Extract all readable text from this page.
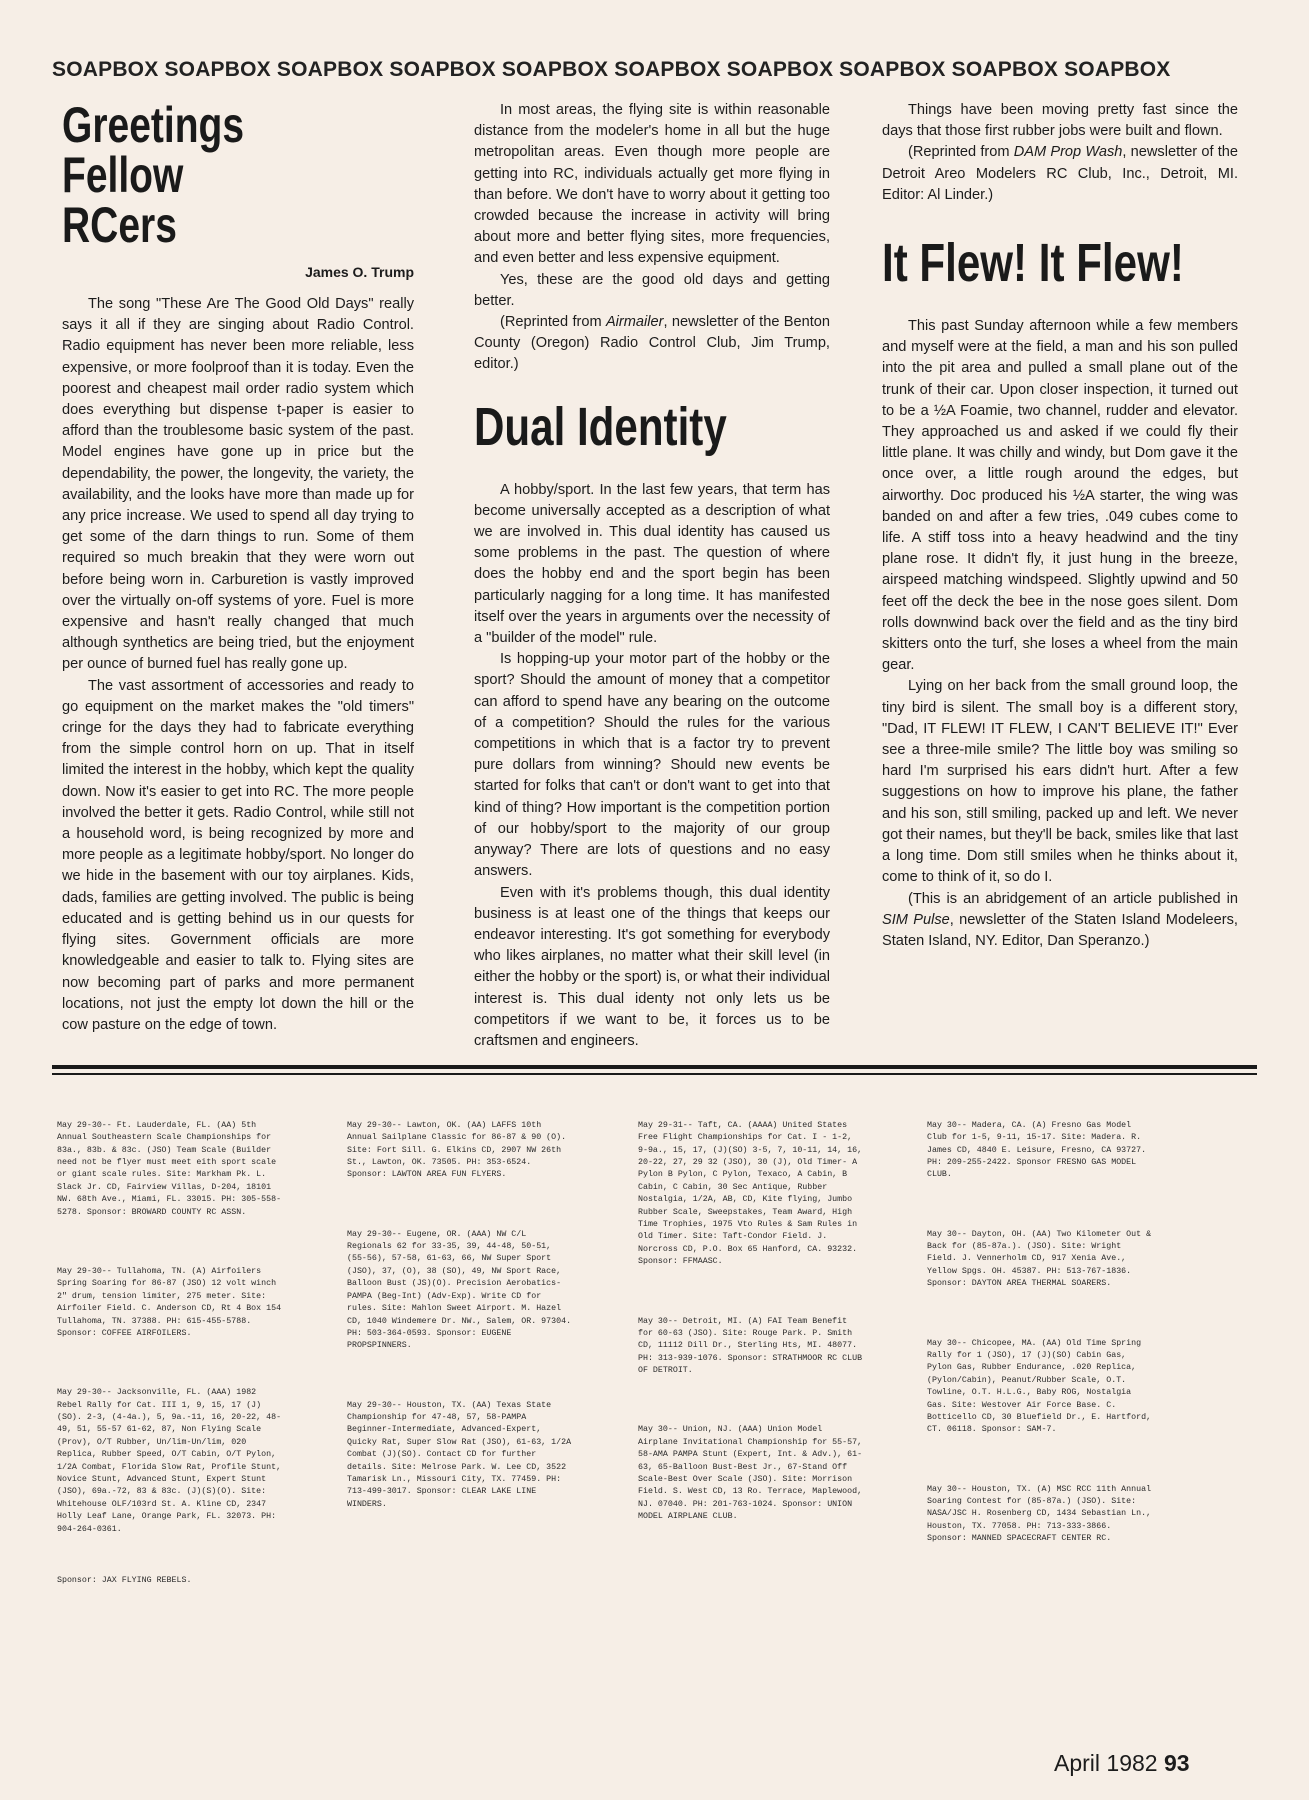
SOAPBOX SOAPBOX SOAPBOX SOAPBOX SOAPBOX SOAPBOX SOAPBOX SOAPBOX SOAPBOX SOAPBOX
Greetings Fellow RCers
James O. Trump

The song "These Are The Good Old Days" really says it all if they are singing about Radio Control. Radio equipment has never been more reliable, less expensive, or more foolproof than it is today. Even the poorest and cheapest mail order radio system which does everything but dispense t-paper is easier to afford than the troublesome basic system of the past. Model engines have gone up in price but the dependability, the power, the longevity, the variety, the availability, and the looks have more than made up for any price increase. We used to spend all day trying to get some of the darn things to run. Some of them required so much breakin that they were worn out before being worn in. Carburetion is vastly improved over the virtually on-off systems of yore. Fuel is more expensive and hasn't really changed that much although synthetics are being tried, but the enjoyment per ounce of burned fuel has really gone up.

The vast assortment of accessories and ready to go equipment on the market makes the "old timers" cringe for the days they had to fabricate everything from the simple control horn on up. That in itself limited the interest in the hobby, which kept the quality down. Now it's easier to get into RC. The more people involved the better it gets. Radio Control, while still not a household word, is being recognized by more and more people as a legitimate hobby/sport. No longer do we hide in the basement with our toy airplanes. Kids, dads, families are getting involved. The public is being educated and is getting behind us in our quests for flying sites. Government officials are more knowledgeable and easier to talk to. Flying sites are now becoming part of parks and more permanent locations, not just the empty lot down the hill or the cow pasture on the edge of town.

In most areas, the flying site is within reasonable distance from the modeler's home in all but the huge metropolitan areas. Even though more people are getting into RC, individuals actually get more flying in than before. We don't have to worry about it getting too crowded because the increase in activity will bring about more and better flying sites, more frequencies, and even better and less expensive equipment.

Yes, these are the good old days and getting better.

(Reprinted from Airmailer, newsletter of the Benton County (Oregon) Radio Control Club, Jim Trump, editor.)

Dual Identity

A hobby/sport. In the last few years, that term has become universally accepted as a description of what we are involved in. This dual identity has caused us some problems in the past. The question of where does the hobby end and the sport begin has been particularly nagging for a long time. It has manifested itself over the years in arguments over the necessity of a "builder of the model" rule.

Is hopping-up your motor part of the hobby or the sport? Should the amount of money that a competitor can afford to spend have any bearing on the outcome of a competition? Should the rules for the various competitions in which that is a factor try to prevent pure dollars from winning? Should new events be started for folks that can't or don't want to get into that kind of thing? How important is the competition portion of our hobby/sport to the majority of our group anyway? There are lots of questions and no easy answers.

Even with it's problems though, this dual identity business is at least one of the things that keeps our endeavor interesting. It's got something for everybody who likes airplanes, no matter what their skill level (in either the hobby or the sport) is, or what their individual interest is. This dual identy not only lets us be competitors if we want to be, it forces us to be craftsmen and engineers.

Things have been moving pretty fast since the days that those first rubber jobs were built and flown.

(Reprinted from DAM Prop Wash, newsletter of the Detroit Areo Modelers RC Club, Inc., Detroit, MI. Editor: Al Linder.)

It Flew! It Flew!

This past Sunday afternoon while a few members and myself were at the field, a man and his son pulled into the pit area and pulled a small plane out of the trunk of their car. Upon closer inspection, it turned out to be a ½A Foamie, two channel, rudder and elevator. They approached us and asked if we could fly their little plane. It was chilly and windy, but Dom gave it the once over, a little rough around the edges, but airworthy. Doc produced his ½A starter, the wing was banded on and after a few tries, .049 cubes come to life. A stiff toss into a heavy headwind and the tiny plane rose. It didn't fly, it just hung in the breeze, airspeed matching windspeed. Slightly upwind and 50 feet off the deck the bee in the nose goes silent. Dom rolls downwind back over the field and as the tiny bird skitters onto the turf, she loses a wheel from the main gear.

Lying on her back from the small ground loop, the tiny bird is silent. The small boy is a different story, "Dad, IT FLEW! IT FLEW, I CAN'T BELIEVE IT!" Ever see a three-mile smile? The little boy was smiling so hard I'm surprised his ears didn't hurt. After a few suggestions on how to improve his plane, the father and his son, still smiling, packed up and left. We never got their names, but they'll be back, smiles like that last a long time. Dom still smiles when he thinks about it, come to think of it, so do I.

(This is an abridgement of an article published in SIM Pulse, newsletter of the Staten Island Modeleers, Staten Island, NY. Editor, Dan Speranzo.)

May 29-30-- Ft. Lauderdale, FL. (AA) 5th Annual Southeastern Scale Championships for 83a., 83b. & 83c. (JSO) Team Scale (Builder need not be flyer must meet eith sport scale or giant scale rules. Site: Markham Pk. L. Slack Jr. CD, Fairview Villas, D-204, 18101 NW. 68th Ave., Miami, FL. 33015. PH: 305-558-5278. Sponsor: BROWARD COUNTY RC ASSN.

May 29-30-- Tullahoma, TN. (A) Airfoilers Spring Soaring for 86-87 (JSO) 12 volt winch 2" drum, tension limiter, 275 meter. Site: Airfoiler Field. C. Anderson CD, Rt 4 Box 154 Tullahoma, TN. 37388. PH: 615-455-5788. Sponsor: COFFEE AIRFOILERS.

May 29-30-- Jacksonville, FL. (AAA) 1982 Rebel Rally for Cat. III 1, 9, 15, 17 (J)(SO). 2-3, (4-4a.), 5, 9a.-11, 16, 20-22, 48-49, 51, 55-57 61-62, 87, Non Flying Scale (Prov), O/T Rubber, Un/lim-Un/lim, 020 Replica, Rubber Speed, O/T Cabin, O/T Pylon, 1/2A Combat, Florida Slow Rat, Profile Stunt, Novice Stunt, Advanced Stunt, Expert Stunt (JSO), 69a.-72, 83 & 83c. (J)(S)(O). Site: Whitehouse OLF/103rd St. A. Kline CD, 2347 Holly Leaf Lane, Orange Park, FL. 32073. PH: 904-264-0361.

Sponsor: JAX FLYING REBELS.

May 29-30-- Lawton, OK. (AA) LAFFS 10th Annual Sailplane Classic for 86-87 & 90 (O). Site: Fort Sill. G. Elkins CD, 2907 NW 26th St., Lawton, OK. 73505. PH: 353-6524. Sponsor: LAWTON AREA FUN FLYERS.

May 29-30-- Eugene, OR. (AAA) NW C/L Regionals 62 for 33-35, 39, 44-48, 50-51, (55-56), 57-58, 61-63, 66, NW Super Sport (JSO), 37, (O), 38 (SO), 49, NW Sport Race, Balloon Bust (JS)(O). Precision Aerobatics-PAMPA (Beg-Int) (Adv-Exp). Write CD for rules. Site: Mahlon Sweet Airport. M. Hazel CD, 1040 Windemere Dr. NW., Salem, OR. 97304. PH: 503-364-0593. Sponsor: EUGENE PROPSPINNERS.

May 29-30-- Houston, TX. (AA) Texas State Championship for 47-48, 57, 58-PAMPA Beginner-Intermediate, Advanced-Expert, Quicky Rat, Super Slow Rat (JSO), 61-63, 1/2A Combat (J)(SO). Contact CD for further details. Site: Melrose Park. W. Lee CD, 3522 Tamarisk Ln., Missouri City, TX. 77459. PH: 713-499-3017. Sponsor: CLEAR LAKE LINE WINDERS.

May 29-31-- Taft, CA. (AAAA) United States Free Flight Championships for Cat. I - 1-2, 9-9a., 15, 17, (J)(SO) 3-5, 7, 10-11, 14, 16, 20-22, 27, 29 32 (JSO), 30 (J), Old Timer- A Pylon B Pylon, C Pylon, Texaco, A Cabin, B Cabin, C Cabin, 30 Sec Antique, Rubber Nostalgia, 1/2A, AB, CD, Kite flying, Jumbo Rubber Scale, Sweepstakes, Team Award, High Time Trophies, 1975 Vto Rules & Sam Rules in Old Timer. Site: Taft-Condor Field. J. Norcross CD, P.O. Box 65 Hanford, CA. 93232. Sponsor: FFMAASC.

May 30-- Detroit, MI. (A) FAI Team Benefit for 60-63 (JSO). Site: Rouge Park. P. Smith CD, 11112 Dill Dr., Sterling Hts, MI. 48077. PH: 313-939-1076. Sponsor: STRATHMOOR RC CLUB OF DETROIT.

May 30-- Union, NJ. (AAA) Union Model Airplane Invitational Championship for 55-57, 58-AMA PAMPA Stunt (Expert, Int. & Adv.), 61-63, 65-Balloon Bust-Best Jr., 67-Stand Off Scale-Best Over Scale (JSO). Site: Morrison Field. S. West CD, 13 Ro. Terrace, Maplewood, NJ. 07040. PH: 201-763-1024. Sponsor: UNION MODEL AIRPLANE CLUB.

May 30-- Madera, CA. (A) Fresno Gas Model Club for 1-5, 9-11, 15-17. Site: Madera. R. James CD, 4840 E. Leisure, Fresno, CA 93727. PH: 209-255-2422. Sponsor FRESNO GAS MODEL CLUB.

May 30-- Dayton, OH. (AA) Two Kilometer Out & Back for (85-87a.). (JSO). Site: Wright Field. J. Vennerholm CD, 917 Xenia Ave., Yellow Spgs. OH. 45387. PH: 513-767-1836. Sponsor: DAYTON AREA THERMAL SOARERS.

May 30-- Chicopee, MA. (AA) Old Time Spring Rally for 1 (JSO), 17 (J)(SO) Cabin Gas, Pylon Gas, Rubber Endurance, .020 Replica, (Pylon/Cabin), Peanut/Rubber Scale, O.T. Towline, O.T. H.L.G., Baby ROG, Nostalgia Gas. Site: Westover Air Force Base. C. Botticello CD, 30 Bluefield Dr., E. Hartford, CT. 06118. Sponsor: SAM-7.

May 30-- Houston, TX. (A) MSC RCC 11th Annual Soaring Contest for (85-87a.) (JSO). Site: NASA/JSC H. Rosenberg CD, 1434 Sebastian Ln., Houston, TX. 77058. PH: 713-333-3866. Sponsor: MANNED SPACECRAFT CENTER RC.

April 1982 93
